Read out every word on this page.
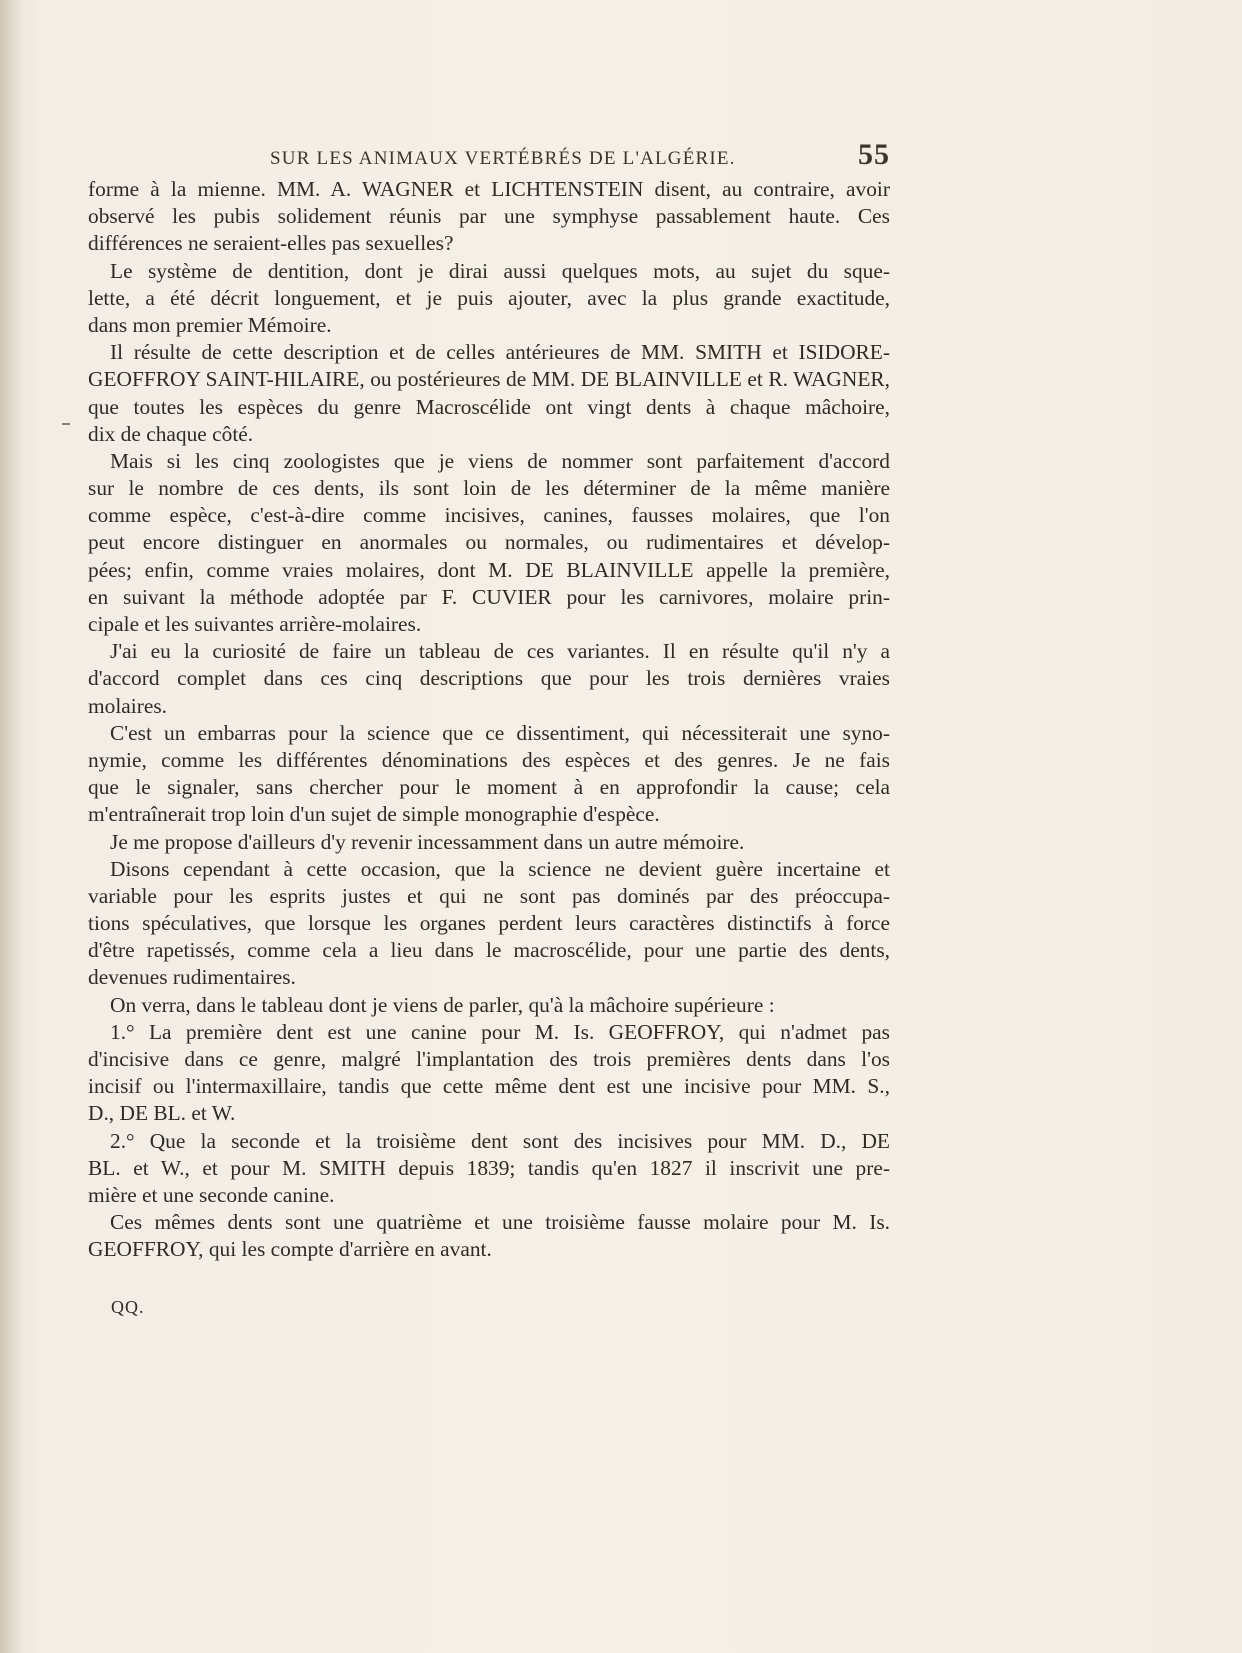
SUR LES ANIMAUX VERTÉBRÉS DE L'ALGÉRIE.	55
forme à la mienne. MM. A. WAGNER et LICHTENSTEIN disent, au contraire, avoir
observé les pubis solidement réunis par une symphyse passablement haute. Ces
différences ne seraient-elles pas sexuelles?
Le système de dentition, dont je dirai aussi quelques mots, au sujet du sque-
lette, a été décrit longuement, et je puis ajouter, avec la plus grande exactitude,
dans mon premier Mémoire.
Il résulte de cette description et de celles antérieures de MM. SMITH et ISIDORE-
GEOFFROY SAINT-HILAIRE, ou postérieures de MM. DE BLAINVILLE et R. WAGNER,
que toutes les espèces du genre Macroscélide ont vingt dents à chaque mâchoire,
dix de chaque côté.
Mais si les cinq zoologistes que je viens de nommer sont parfaitement d'accord
sur le nombre de ces dents, ils sont loin de les déterminer de la même manière
comme espèce, c'est-à-dire comme incisives, canines, fausses molaires, que l'on
peut encore distinguer en anormales ou normales, ou rudimentaires et dévelop-
pées; enfin, comme vraies molaires, dont M. DE BLAINVILLE appelle la première,
en suivant la méthode adoptée par F. CUVIER pour les carnivores, molaire prin-
cipale et les suivantes arrière-molaires.
J'ai eu la curiosité de faire un tableau de ces variantes. Il en résulte qu'il n'y a
d'accord complet dans ces cinq descriptions que pour les trois dernières vraies
molaires.
C'est un embarras pour la science que ce dissentiment, qui nécessiterait une syno-
nymie, comme les différentes dénominations des espèces et des genres. Je ne fais
que le signaler, sans chercher pour le moment à en approfondir la cause; cela
m'entraînerait trop loin d'un sujet de simple monographie d'espèce.
Je me propose d'ailleurs d'y revenir incessamment dans un autre mémoire.
Disons cependant à cette occasion, que la science ne devient guère incertaine et
variable pour les esprits justes et qui ne sont pas dominés par des préoccupa-
tions spéculatives, que lorsque les organes perdent leurs caractères distinctifs à force
d'être rapetissés, comme cela a lieu dans le macroscélide, pour une partie des dents,
devenues rudimentaires.
On verra, dans le tableau dont je viens de parler, qu'à la mâchoire supérieure :
1.° La première dent est une canine pour M. Is. GEOFFROY, qui n'admet pas
d'incisive dans ce genre, malgré l'implantation des trois premières dents dans l'os
incisif ou l'intermaxillaire, tandis que cette même dent est une incisive pour MM. S.,
D., DE BL. et W.
2.° Que la seconde et la troisième dent sont des incisives pour MM. D., DE
BL. et W., et pour M. SMITH depuis 1839; tandis qu'en 1827 il inscrivit une pre-
mière et une seconde canine.
Ces mêmes dents sont une quatrième et une troisième fausse molaire pour M. Is.
GEOFFROY, qui les compte d'arrière en avant.
QQ.
